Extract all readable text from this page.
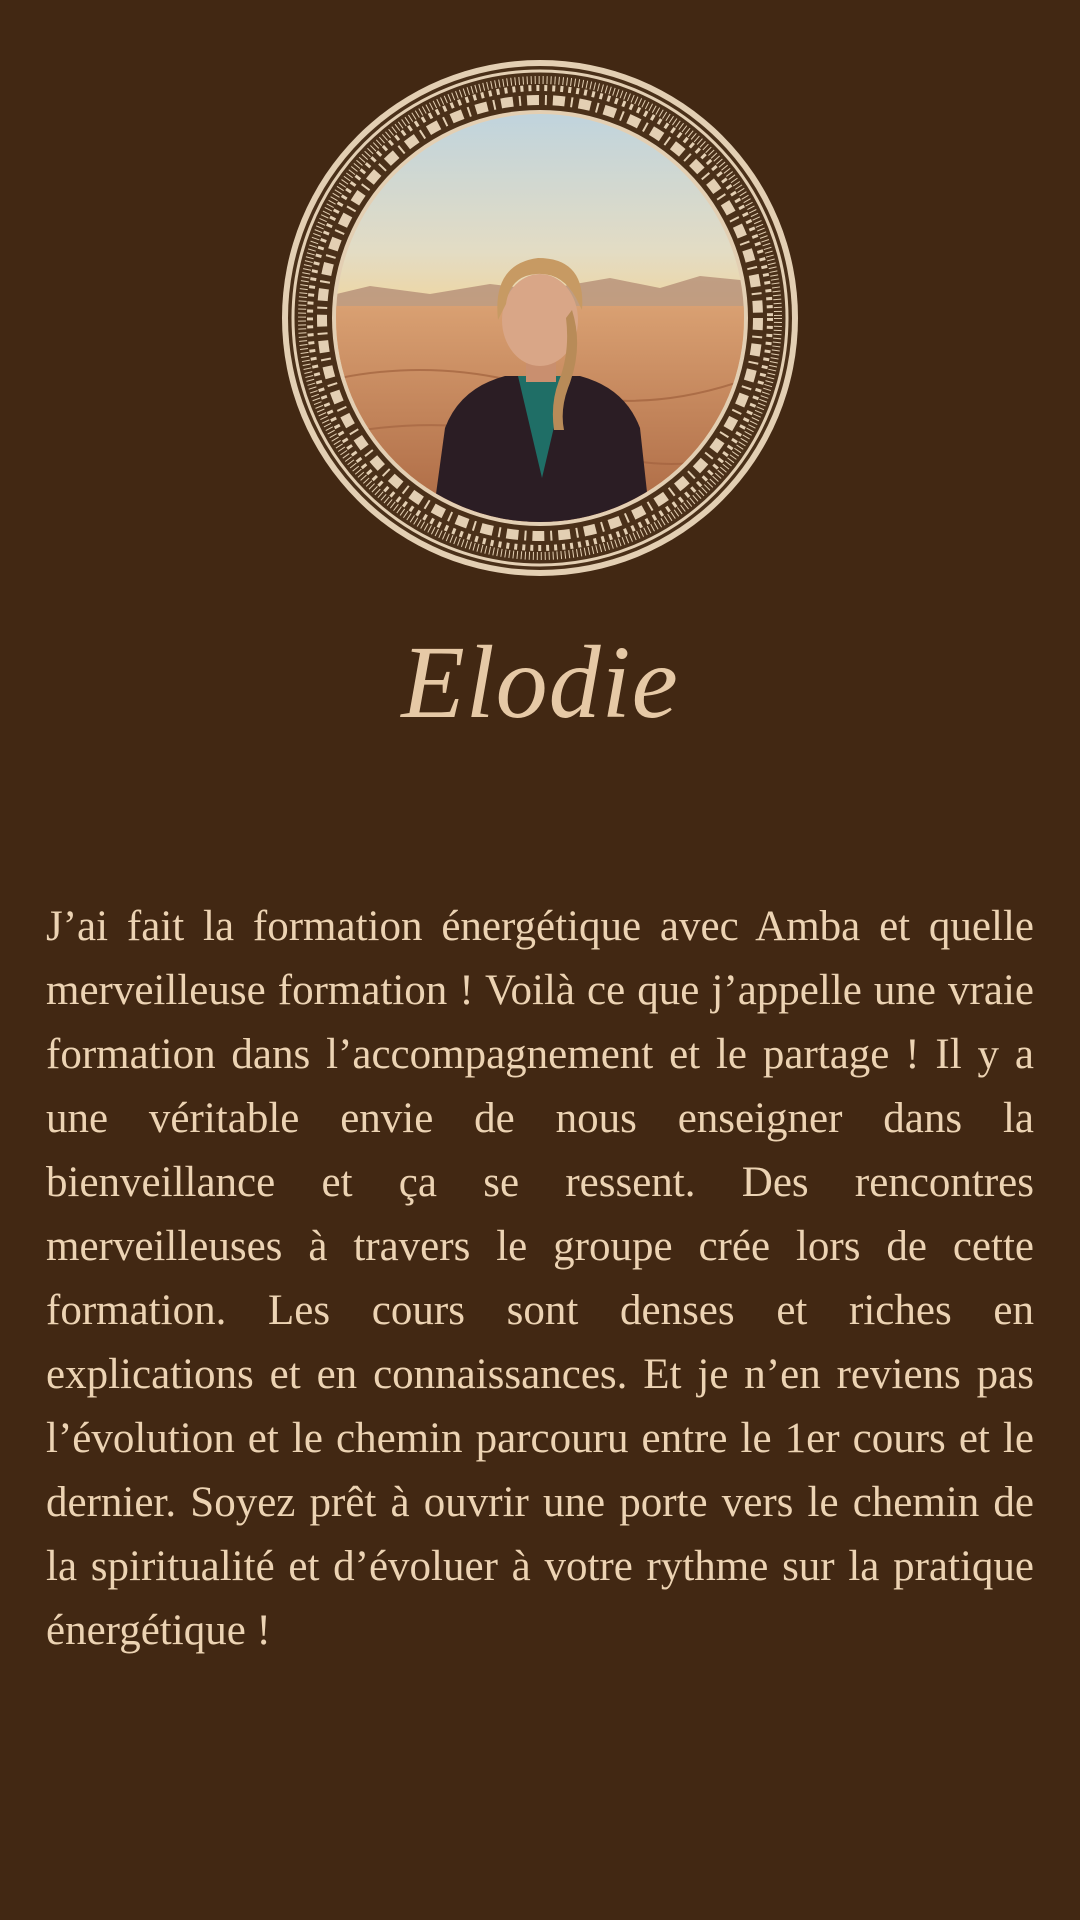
Elodie

J’ai fait la formation énergétique avec Amba et quelle merveilleuse formation ! Voilà ce que j’appelle une vraie formation dans l’accompagnement et le partage ! Il y a une véritable envie de nous enseigner dans la bienveillance et ça se ressent. Des rencontres merveilleuses à travers le groupe crée lors de cette formation. Les cours sont denses et riches en explications et en connaissances. Et je n’en reviens pas l’évolution et le chemin parcouru entre le 1er cours et le dernier. Soyez prêt à ouvrir une porte vers le chemin de la spiritualité et d’évoluer à votre rythme sur la pratique énergétique !
